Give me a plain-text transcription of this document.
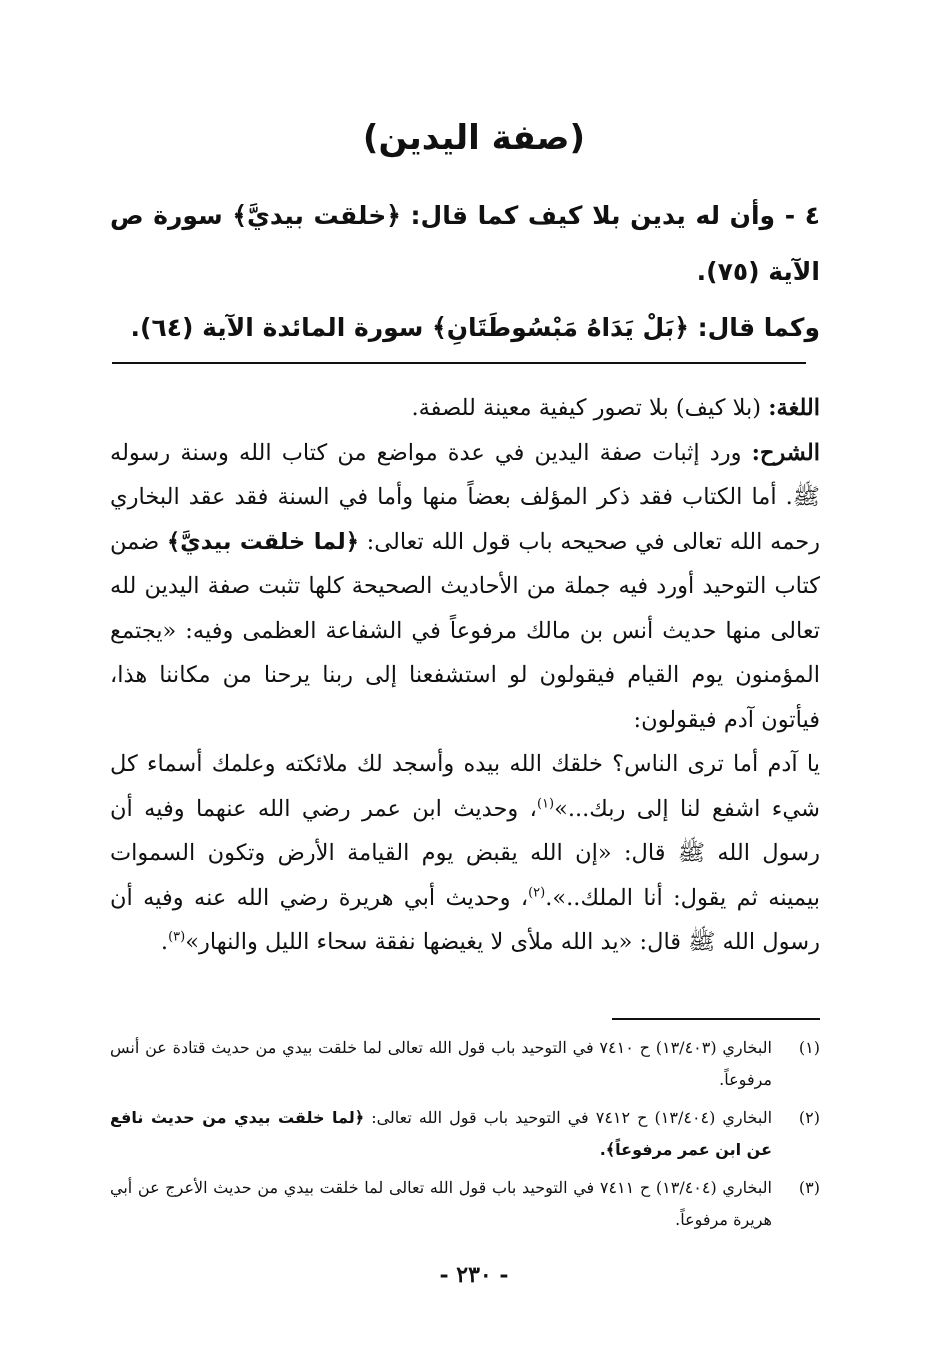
(صفة اليدين)

٤ - وأن له يدين بلا كيف كما قال: ﴿خلقت بيديَّ﴾ سورة ص الآية (٧٥).

وكما قال: ﴿بَلْ يَدَاهُ مَبْسُوطَتَانِ﴾ سورة المائدة الآية (٦٤).

اللغة: (بلا كيف) بلا تصور كيفية معينة للصفة.

الشرح: ورد إثبات صفة اليدين في عدة مواضع من كتاب الله وسنة رسوله ﷺ. أما الكتاب فقد ذكر المؤلف بعضاً منها وأما في السنة فقد عقد البخاري رحمه الله تعالى في صحيحه باب قول الله تعالى: ﴿لما خلقت بيديَّ﴾ ضمن كتاب التوحيد أورد فيه جملة من الأحاديث الصحيحة كلها تثبت صفة اليدين لله تعالى منها حديث أنس بن مالك مرفوعاً في الشفاعة العظمى وفيه: «يجتمع المؤمنون يوم القيام فيقولون لو استشفعنا إلى ربنا يرحنا من مكاننا هذا، فيأتون آدم فيقولون:

يا آدم أما ترى الناس؟ خلقك الله بيده وأسجد لك ملائكته وعلمك أسماء كل شيء اشفع لنا إلى ربك...»$^{(١)}$، وحديث ابن عمر رضي الله عنهما وفيه أن رسول الله ﷺ قال: «إن الله يقبض يوم القيامة الأرض وتكون السموات بيمينه ثم يقول: أنا الملك..».$^{(٢)}$، وحديث أبي هريرة رضي الله عنه وفيه أن رسول الله ﷺ قال: «يد الله ملأى لا يغيضها نفقة سحاء الليل والنهار»$^{(٣)}$.

(١)
البخاري (١٣/٤٠٣) ح ٧٤١٠ في التوحيد باب قول الله تعالى لما خلقت بيدي من حديث قتادة عن أنس مرفوعاً.
(٢)
البخاري (١٣/٤٠٤) ح ٧٤١٢ في التوحيد باب قول الله تعالى: ﴿لما خلقت بيدي من حديث نافع عن ابن عمر مرفوعاً﴾.
(٣)
البخاري (١٣/٤٠٤) ح ٧٤١١ في التوحيد باب قول الله تعالى لما خلقت بيدي من حديث الأعرج عن أبي هريرة مرفوعاً.
- ٢٣٠ -
